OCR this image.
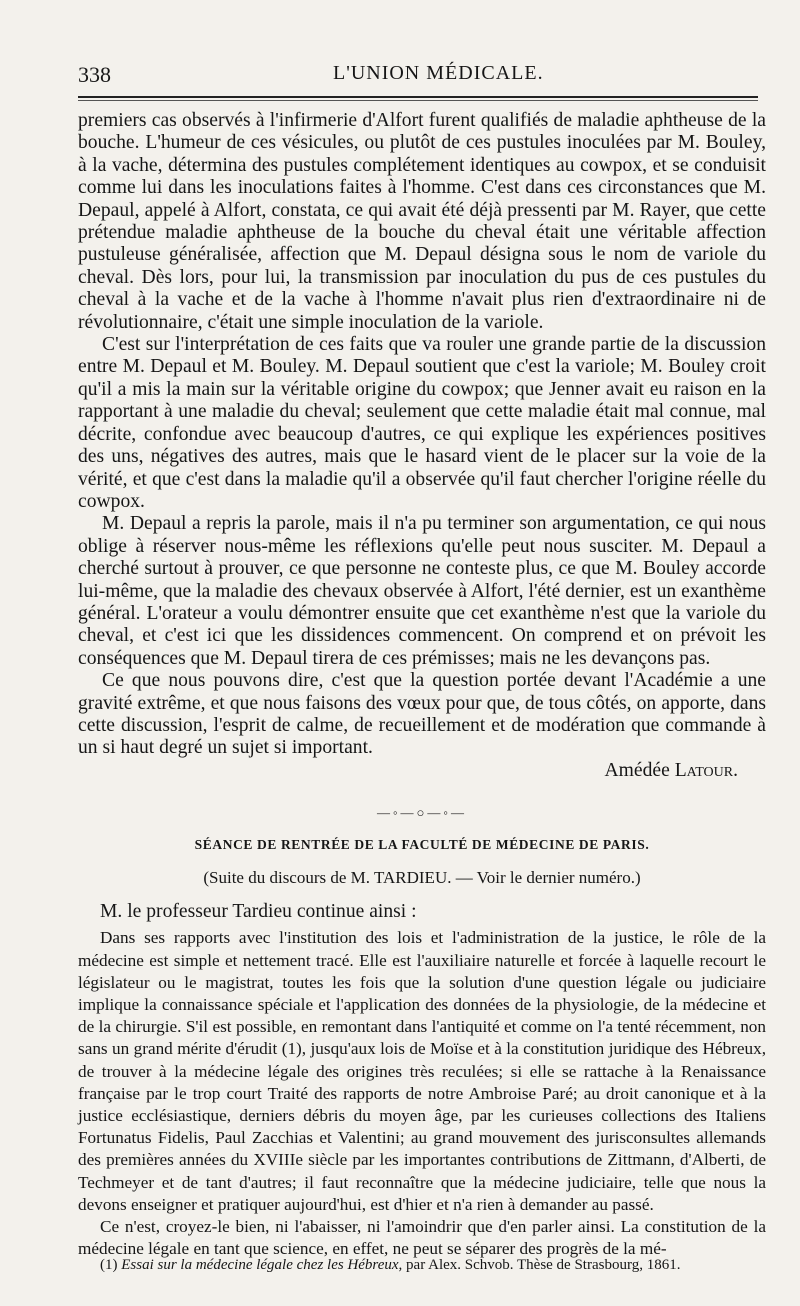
338	L'UNION MÉDICALE.

premiers cas observés à l'infirmerie d'Alfort furent qualifiés de maladie aphtheuse de la bouche. L'humeur de ces vésicules, ou plutôt de ces pustules inoculées par M. Bouley, à la vache, détermina des pustules complétement identiques au cowpox, et se conduisit comme lui dans les inoculations faites à l'homme. C'est dans ces circonstances que M. Depaul, appelé à Alfort, constata, ce qui avait été déjà pressenti par M. Rayer, que cette prétendue maladie aphtheuse de la bouche du cheval était une véritable affection pustuleuse généralisée, affection que M. Depaul désigna sous le nom de variole du cheval. Dès lors, pour lui, la transmission par inoculation du pus de ces pustules du cheval à la vache et de la vache à l'homme n'avait plus rien d'extraordinaire ni de révolutionnaire, c'était une simple inoculation de la variole.

C'est sur l'interprétation de ces faits que va rouler une grande partie de la discussion entre M. Depaul et M. Bouley. M. Depaul soutient que c'est la variole; M. Bouley croit qu'il a mis la main sur la véritable origine du cowpox; que Jenner avait eu raison en la rapportant à une maladie du cheval; seulement que cette maladie était mal connue, mal décrite, confondue avec beaucoup d'autres, ce qui explique les expériences positives des uns, négatives des autres, mais que le hasard vient de le placer sur la voie de la vérité, et que c'est dans la maladie qu'il a observée qu'il faut chercher l'origine réelle du cowpox.

M. Depaul a repris la parole, mais il n'a pu terminer son argumentation, ce qui nous oblige à réserver nous-même les réflexions qu'elle peut nous susciter. M. Depaul a cherché surtout à prouver, ce que personne ne conteste plus, ce que M. Bouley accorde lui-même, que la maladie des chevaux observée à Alfort, l'été dernier, est un exanthème général. L'orateur a voulu démontrer ensuite que cet exanthème n'est que la variole du cheval, et c'est ici que les dissidences commencent. On comprend et on prévoit les conséquences que M. Depaul tirera de ces prémisses; mais ne les devançons pas.

Ce que nous pouvons dire, c'est que la question portée devant l'Académie a une gravité extrême, et que nous faisons des vœux pour que, de tous côtés, on apporte, dans cette discussion, l'esprit de calme, de recueillement et de modération que commande à un si haut degré un sujet si important.

Amédée Latour.
—◦—○—◦—
SÉANCE DE RENTRÉE DE LA FACULTÉ DE MÉDECINE DE PARIS.
(Suite du discours de M. TARDIEU. — Voir le dernier numéro.)
M. le professeur Tardieu continue ainsi :

Dans ses rapports avec l'institution des lois et l'administration de la justice, le rôle de la médecine est simple et nettement tracé. Elle est l'auxiliaire naturelle et forcée à laquelle recourt le législateur ou le magistrat, toutes les fois que la solution d'une question légale ou judiciaire implique la connaissance spéciale et l'application des données de la physiologie, de la médecine et de la chirurgie. S'il est possible, en remontant dans l'antiquité et comme on l'a tenté récemment, non sans un grand mérite d'érudit (1), jusqu'aux lois de Moïse et à la constitution juridique des Hébreux, de trouver à la médecine légale des origines très reculées; si elle se rattache à la Renaissance française par le trop court Traité des rapports de notre Ambroise Paré; au droit canonique et à la justice ecclésiastique, derniers débris du moyen âge, par les curieuses collections des Italiens Fortunatus Fidelis, Paul Zacchias et Valentini; au grand mouvement des jurisconsultes allemands des premières années du XVIIIe siècle par les importantes contributions de Zittmann, d'Alberti, de Techmeyer et de tant d'autres; il faut reconnaître que la médecine judiciaire, telle que nous la devons enseigner et pratiquer aujourd'hui, est d'hier et n'a rien à demander au passé.

Ce n'est, croyez-le bien, ni l'abaisser, ni l'amoindrir que d'en parler ainsi. La constitution de la médecine légale en tant que science, en effet, ne peut se séparer des progrès de la mé-

(1) Essai sur la médecine légale chez les Hébreux, par Alex. Schvob. Thèse de Strasbourg, 1861.
